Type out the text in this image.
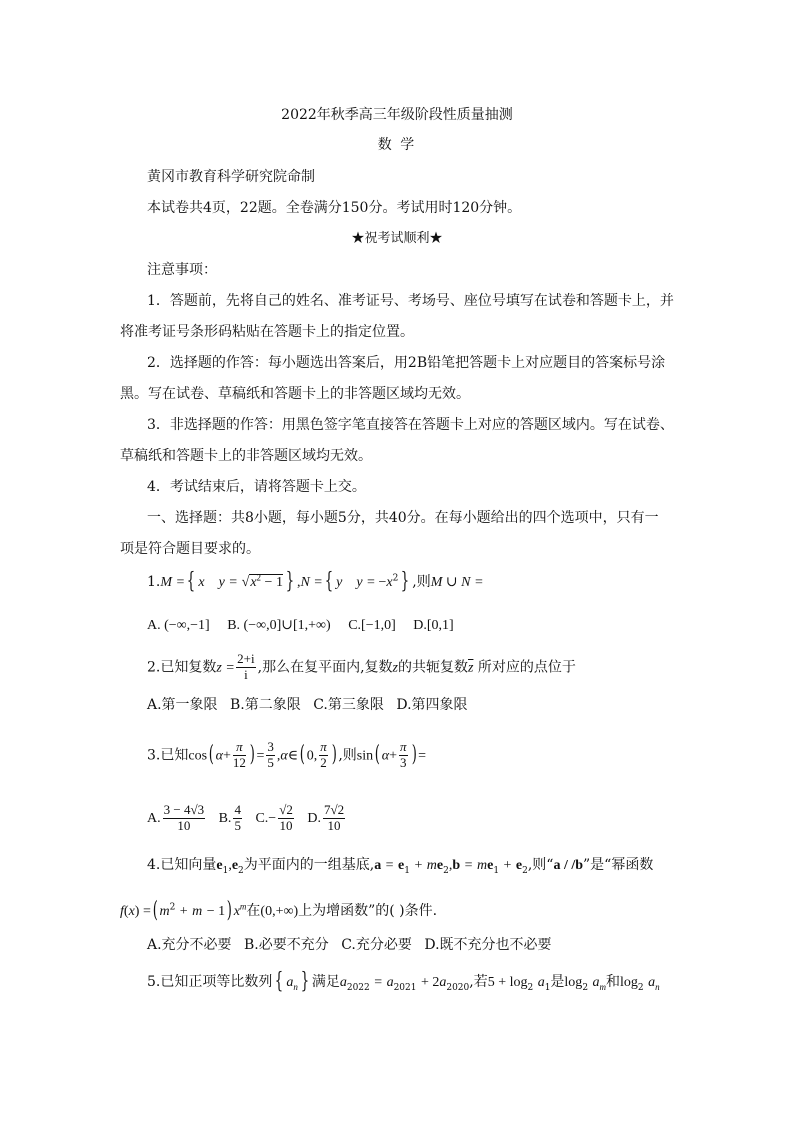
2022年秋季高三年级阶段性质量抽测
数 学
黄冈市教育科学研究院命制
本试卷共4页，22题。全卷满分150分。考试用时120分钟。
★祝考试顺利★
注意事项：
1．答题前，先将自己的姓名、准考证号、考场号、座位号填写在试卷和答题卡上，并
将准考证号条形码粘贴在答题卡上的指定位置。
2．选择题的作答：每小题选出答案后，用2B铅笔把答题卡上对应题目的答案标号涂
黑。写在试卷、草稿纸和答题卡上的非答题区域均无效。
3．非选择题的作答：用黑色签字笔直接答在答题卡上对应的答题区域内。写在试卷、
草稿纸和答题卡上的非答题区域均无效。
4．考试结束后，请将答题卡上交。
一、选择题：共8小题，每小题5分，共40分。在每小题给出的四个选项中，只有一
项是符合题目要求的。
1.M = { x $y = √x^2 - 1$ } ,N = { y $y = -x^2$ } ,则M ∪ N =
A. (−∞,−1] B. (−∞,0]∪[1,+∞) C.[−1,0] D.[0,1]
2.已知复数$z = \frac{2+i}{i}$ ,那么在复平面内,复数z的共轭复数$\overline{z}$ 所对应的点位于
A.第一象限 B.第二象限 C.第三象限 D.第四象限
3.已知cos( $\alpha+ \frac{\pi}{12}$ ) = $\frac{3}{5}$ ,α∈( 0, $\frac{\pi}{2}$ ) ,则sin( $\alpha+ \frac{\pi}{3}$ ) =
A. $\frac{3 - 4√3}{10} B$. $\frac{4}{5} C.- \frac{√2}{10} D$. $\frac{7√2}{10}$
4.已知向量$e_1,e_2$为平面内的一组基底$,a = e_1 + me_2,b = me_1 + e_2$,则“a / /b”是“幂函数
f(x) =( $m^2 + m - 1$) $x^m$在(0,+∞)上为增函数”的( )条件.
A.充分不必要 B.必要不充分 C.充分必要 D.既不充分也不必要
5.已知正项等比数列 { $a_n$ } 满足$a_{2022} = a_{2021} + 2a_{2020}$,若$5 + \log_2 a_1$是$\log_2 a_m$和$\log_2 a_n$
